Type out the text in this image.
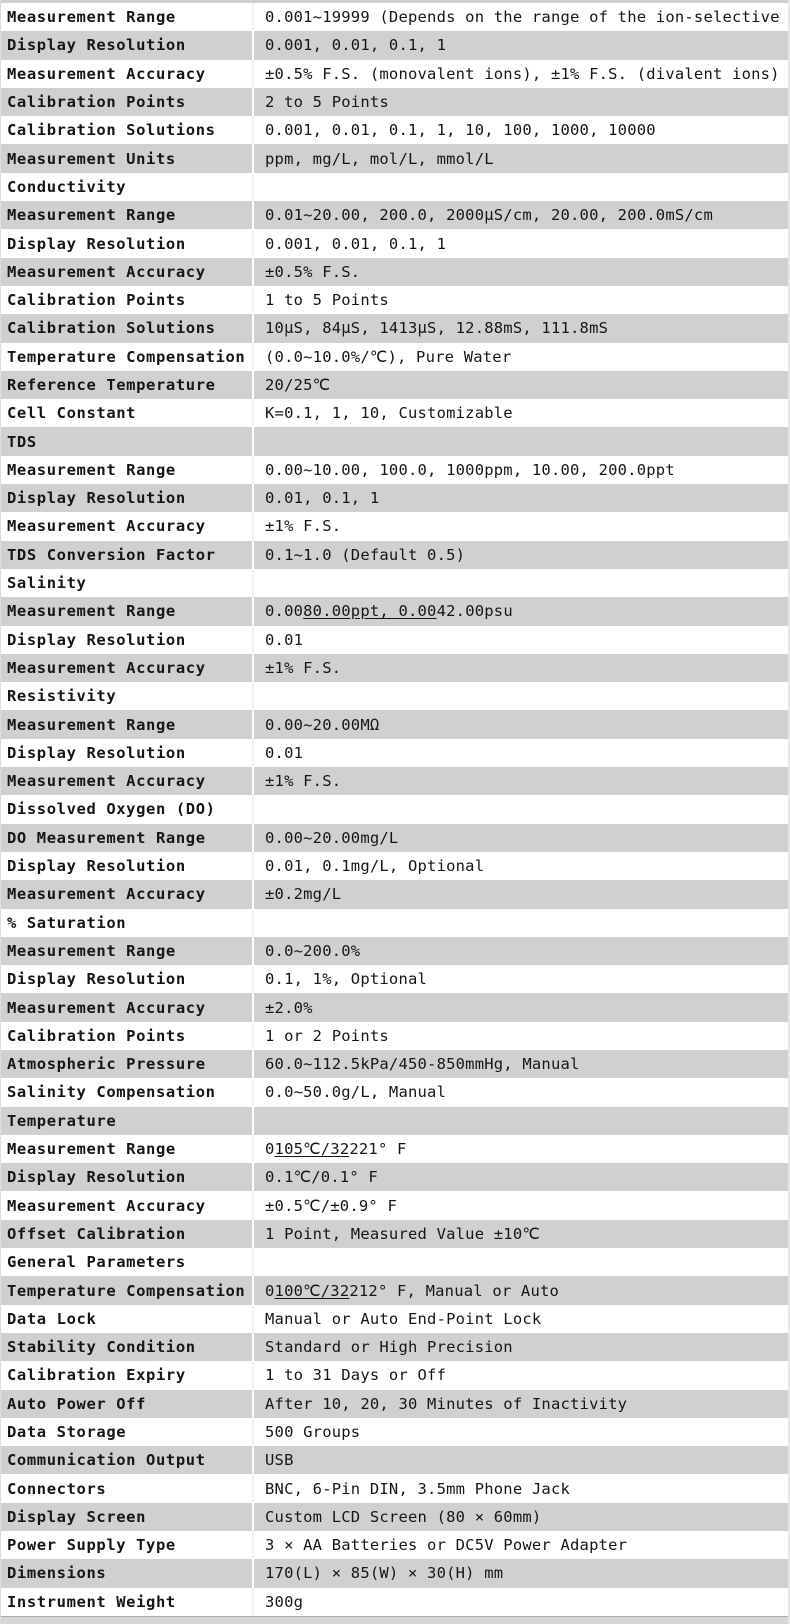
Measurement Range	0.001~19999 (Depends on the range of the ion-selective
Display Resolution	0.001, 0.01, 0.1, 1
Measurement Accuracy	±0.5% F.S. (monovalent ions), ±1% F.S. (divalent ions)
Calibration Points	2 to 5 Points
Calibration Solutions	0.001, 0.01, 0.1, 1, 10, 100, 1000, 10000
Measurement Units	ppm, mg/L, mol/L, mmol/L
Conductivity
Measurement Range	0.01~20.00, 200.0, 2000μS/cm, 20.00, 200.0mS/cm
Display Resolution	0.001, 0.01, 0.1, 1
Measurement Accuracy	±0.5% F.S.
Calibration Points	1 to 5 Points
Calibration Solutions	10μS, 84μS, 1413μS, 12.88mS, 111.8mS
Temperature Compensation	(0.0~10.0%/℃), Pure Water
Reference Temperature	20/25℃
Cell Constant	K=0.1, 1, 10, Customizable
TDS
Measurement Range	0.00~10.00, 100.0, 1000ppm, 10.00, 200.0ppt
Display Resolution	0.01, 0.1, 1
Measurement Accuracy	±1% F.S.
TDS Conversion Factor	0.1~1.0 (Default 0.5)
Salinity
Measurement Range	0.00 80.00ppt, 0.00 42.00psu
Display Resolution	0.01
Measurement Accuracy	±1% F.S.
Resistivity
Measurement Range	0.00~20.00MΩ
Display Resolution	0.01
Measurement Accuracy	±1% F.S.
Dissolved Oxygen (DO)
DO Measurement Range	0.00~20.00mg/L
Display Resolution	0.01, 0.1mg/L, Optional
Measurement Accuracy	±0.2mg/L
% Saturation
Measurement Range	0.0~200.0%
Display Resolution	0.1, 1%, Optional
Measurement Accuracy	±2.0%
Calibration Points	1 or 2 Points
Atmospheric Pressure	60.0~112.5kPa/450-850mmHg, Manual
Salinity Compensation	0.0~50.0g/L, Manual
Temperature
Measurement Range	0 105℃/32 221° F
Display Resolution	0.1℃/0.1° F
Measurement Accuracy	±0.5℃/±0.9° F
Offset Calibration	1 Point, Measured Value ±10℃
General Parameters
Temperature Compensation	0 100℃/32 212° F, Manual or Auto
Data Lock	Manual or Auto End-Point Lock
Stability Condition	Standard or High Precision
Calibration Expiry	1 to 31 Days or Off
Auto Power Off	After 10, 20, 30 Minutes of Inactivity
Data Storage	500 Groups
Communication Output	USB
Connectors	BNC, 6-Pin DIN, 3.5mm Phone Jack
Display Screen	Custom LCD Screen (80 × 60mm)
Power Supply Type	3 × AA Batteries or DC5V Power Adapter
Dimensions	170(L) × 85(W) × 30(H) mm
Instrument Weight	300g
